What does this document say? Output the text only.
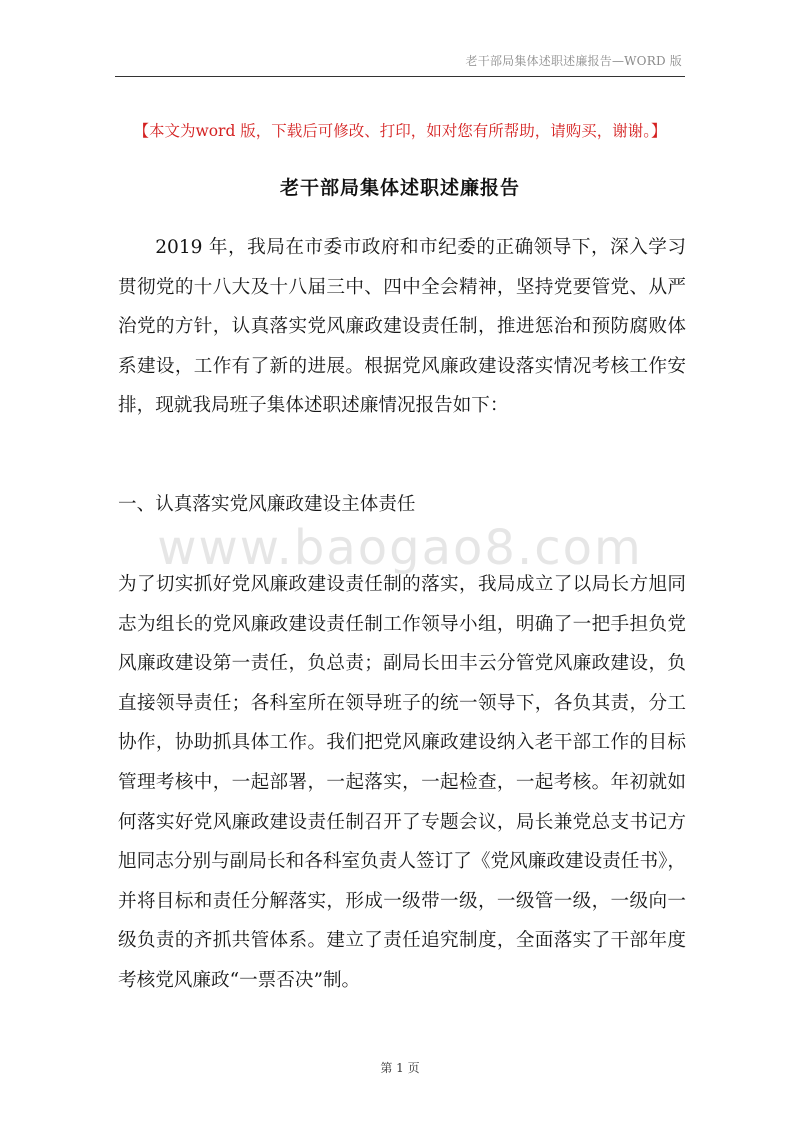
老干部局集体述职述廉报告—WORD 版
【本文为word 版，下载后可修改、打印，如对您有所帮助，请购买，谢谢。】
老干部局集体述职述廉报告

2019 年，我局在市委市政府和市纪委的正确领导下，深入学习贯彻党的十八大及十八届三中、四中全会精神，坚持党要管党、从严治党的方针，认真落实党风廉政建设责任制，推进惩治和预防腐败体系建设，工作有了新的进展。根据党风廉政建设落实情况考核工作安排，现就我局班子集体述职述廉情况报告如下：

一、认真落实党风廉政建设主体责任
www.baogao8.com

为了切实抓好党风廉政建设责任制的落实，我局成立了以局长方旭同志为组长的党风廉政建设责任制工作领导小组，明确了一把手担负党风廉政建设第一责任，负总责；副局长田丰云分管党风廉政建设，负直接领导责任；各科室所在领导班子的统一领导下，各负其责，分工协作，协助抓具体工作。我们把党风廉政建设纳入老干部工作的目标管理考核中，一起部署，一起落实，一起检查，一起考核。年初就如何落实好党风廉政建设责任制召开了专题会议，局长兼党总支书记方旭同志分别与副局长和各科室负责人签订了《党风廉政建设责任书》，并将目标和责任分解落实，形成一级带一级，一级管一级，一级向一级负责的齐抓共管体系。建立了责任追究制度，全面落实了干部年度考核党风廉政“一票否决”制。

第 1 页
